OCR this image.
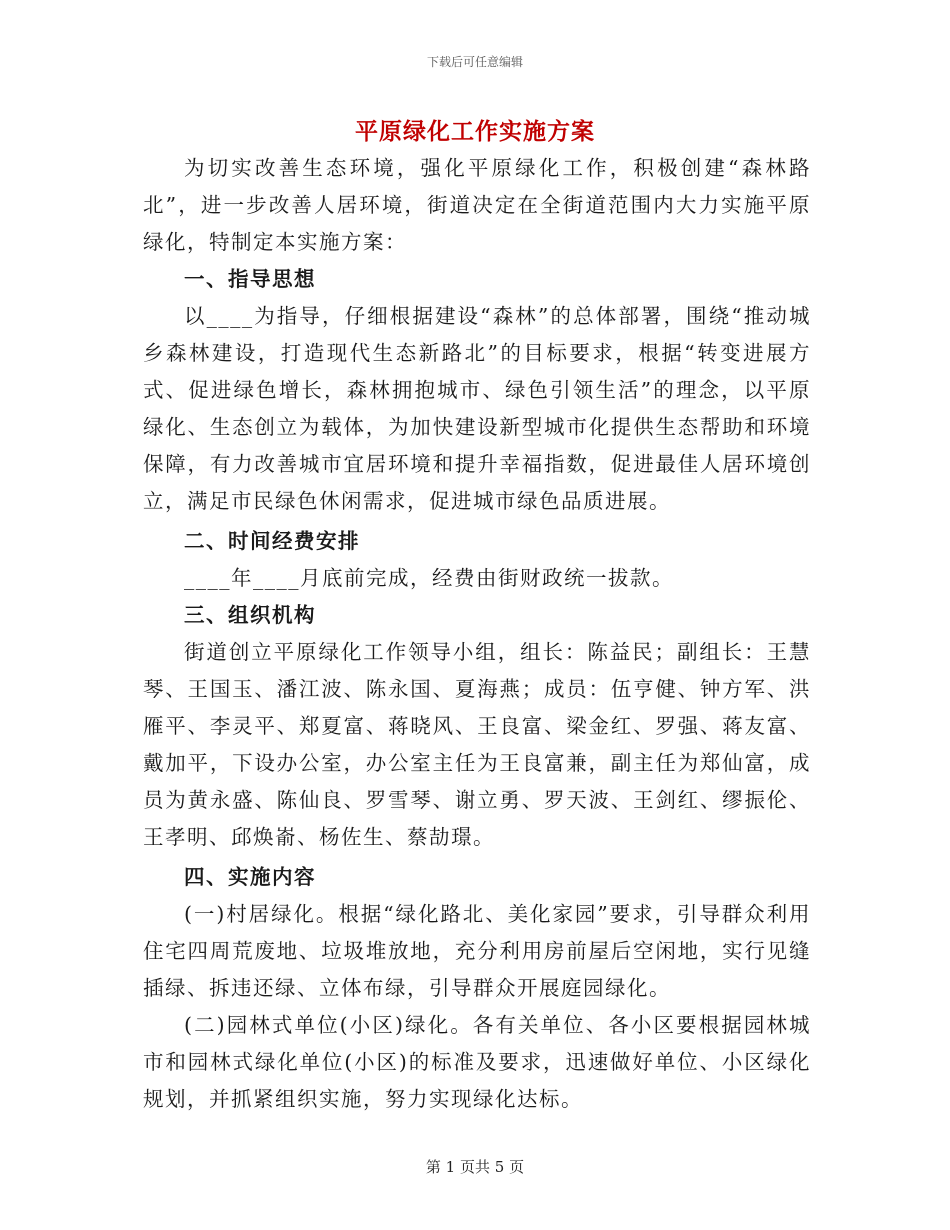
下载后可任意编辑
平原绿化工作实施方案

为切实改善生态环境，强化平原绿化工作，积极创建“森林路北”，进一步改善人居环境，街道决定在全街道范围内大力实施平原绿化，特制定本实施方案：

一、指导思想

以____为指导，仔细根据建设“森林”的总体部署，围绕“推动城乡森林建设，打造现代生态新路北”的目标要求，根据“转变进展方式、促进绿色增长，森林拥抱城市、绿色引领生活”的理念，以平原绿化、生态创立为载体，为加快建设新型城市化提供生态帮助和环境保障，有力改善城市宜居环境和提升幸福指数，促进最佳人居环境创立，满足市民绿色休闲需求，促进城市绿色品质进展。

二、时间经费安排

____年____月底前完成，经费由街财政统一拔款。

三、组织机构

街道创立平原绿化工作领导小组，组长：陈益民；副组长：王慧琴、王国玉、潘江波、陈永国、夏海燕；成员：伍亨健、钟方军、洪雁平、李灵平、郑夏富、蒋晓风、王良富、梁金红、罗强、蒋友富、戴加平，下设办公室，办公室主任为王良富兼，副主任为郑仙富，成员为黄永盛、陈仙良、罗雪琴、谢立勇、罗天波、王剑红、缪振伦、王孝明、邱焕嵛、杨佐生、蔡劼璟。

四、实施内容

(一)村居绿化。根据“绿化路北、美化家园”要求，引导群众利用住宅四周荒废地、垃圾堆放地，充分利用房前屋后空闲地，实行见缝插绿、拆违还绿、立体布绿，引导群众开展庭园绿化。

(二)园林式单位(小区)绿化。各有关单位、各小区要根据园林城市和园林式绿化单位(小区)的标准及要求，迅速做好单位、小区绿化规划，并抓紧组织实施，努力实现绿化达标。

第 1 页共 5 页
